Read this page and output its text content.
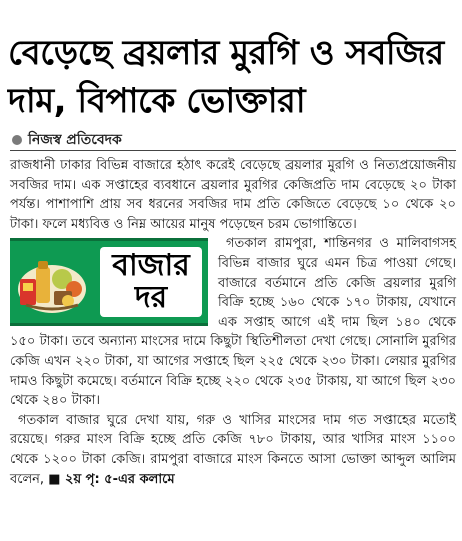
বেড়েছে ব্রয়লার মুরগি ও সবজির
দাম, বিপাকে ভোক্তারা
নিজস্ব প্রতিবেদক

রাজধানী ঢাকার বিভিন্ন বাজারে হঠাৎ করেই বেড়েছে ব্রয়লার মুরগি ও নিত্যপ্রয়োজনীয় সবজির দাম। এক সপ্তাহের ব্যবধানে ব্রয়লার মুরগির কেজিপ্রতি দাম বেড়েছে ২০ টাকা পর্যন্ত। পাশাপাশি প্রায় সব ধরনের সবজির দাম প্রতি কেজিতে বেড়েছে ১০ থেকে ২০ টাকা। ফলে মধ্যবিত্ত ও নিম্ন আয়ের মানুষ পড়েছেন চরম ভোগান্তিতে।

বাজার
দর

গতকাল রামপুরা, শান্তিনগর ও মালিবাগসহ বিভিন্ন বাজার ঘুরে এমন চিত্র পাওয়া গেছে। বাজারে বর্তমানে প্রতি কেজি ব্রয়লার মুরগি বিক্রি হচ্ছে ১৬০ থেকে ১৭০ টাকায়, যেখানে এক সপ্তাহ আগে এই দাম ছিল ১৪০ থেকে ১৫০ টাকা। তবে অন্যান্য মাংসের দামে কিছুটা স্থিতিশীলতা দেখা গেছে। সোনালি মুরগির কেজি এখন ২২০ টাকা, যা আগের সপ্তাহে ছিল ২২৫ থেকে ২৩০ টাকা। লেয়ার মুরগির দামও কিছুটা কমেছে। বর্তমানে বিক্রি হচ্ছে ২২০ থেকে ২৩৫ টাকায়, যা আগে ছিল ২৩০ থেকে ২৪০ টাকা।

গতকাল বাজার ঘুরে দেখা যায়, গরু ও খাসির মাংসের দাম গত সপ্তাহের মতোই রয়েছে। গরুর মাংস বিক্রি হচ্ছে প্রতি কেজি ৭৮০ টাকায়, আর খাসির মাংস ১১০০ থেকে ১২০০ টাকা কেজি। রামপুরা বাজারে মাংস কিনতে আসা ভোক্তা আব্দুল আলিম বলেন, ■ ২য় পৃ: ৫-এর কলামে
